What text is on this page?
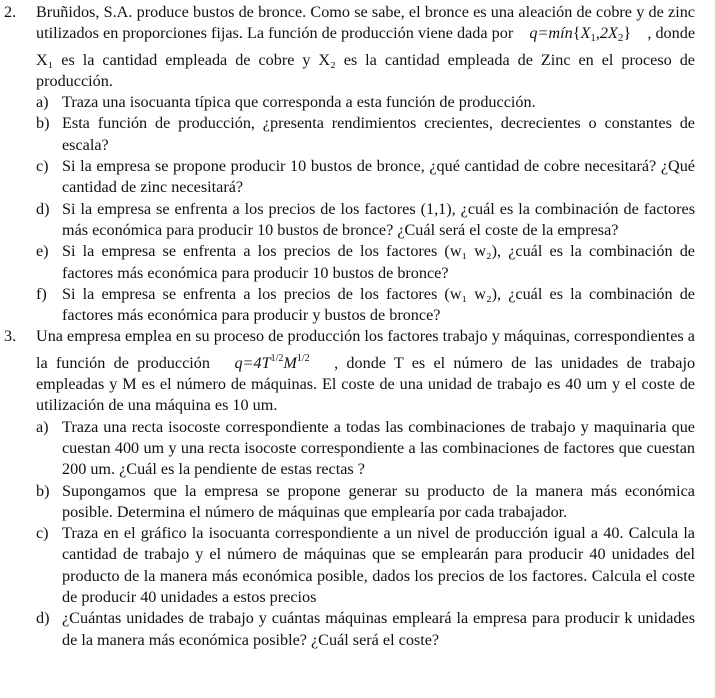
2.	Bruñidos, S.A. produce bustos de bronce. Como se sabe, el bronce es una aleación de cobre y de zinc utilizados en proporciones fijas. La función de producción viene dada por $q=mín\{X_1,2X_2\}$ , donde X₁ es la cantidad empleada de cobre y X₂ es la cantidad empleada de Zinc en el proceso de producción.

a) Traza una isocuanta típica que corresponda a esta función de producción.
b) Esta función de producción, ¿presenta rendimientos crecientes, decrecientes o constantes de escala?
c) Si la empresa se propone producir 10 bustos de bronce, ¿qué cantidad de cobre necesitará? ¿Qué cantidad de zinc necesitará?
d) Si la empresa se enfrenta a los precios de los factores (1,1), ¿cuál es la combinación de factores más económica para producir 10 bustos de bronce? ¿Cuál será el coste de la empresa?
e) Si la empresa se enfrenta a los precios de los factores (w₁ w₂), ¿cuál es la combinación de factores más económica para producir 10 bustos de bronce?
f) Si la empresa se enfrenta a los precios de los factores (w₁ w₂), ¿cuál es la combinación de factores más económica para producir y bustos de bronce?
3.	Una empresa emplea en su proceso de producción los factores trabajo y máquinas, correspondientes a la función de producción $q=4T^{1/2}M^{1/2}$ , donde T es el número de las unidades de trabajo empleadas y M es el número de máquinas. El coste de una unidad de trabajo es 40 um y el coste de utilización de una máquina es 10 um.

a) Traza una recta isocoste correspondiente a todas las combinaciones de trabajo y maquinaria que cuestan 400 um y una recta isocoste correspondiente a las combinaciones de factores que cuestan 200 um. ¿Cuál es la pendiente de estas rectas ?
b) Supongamos que la empresa se propone generar su producto de la manera más económica posible. Determina el número de máquinas que emplearía por cada trabajador.
c) Traza en el gráfico la isocuanta correspondiente a un nivel de producción igual a 40. Calcula la cantidad de trabajo y el número de máquinas que se emplearán para producir 40 unidades del producto de la manera más económica posible, dados los precios de los factores. Calcula el coste de producir 40 unidades a estos precios
d) ¿Cuántas unidades de trabajo y cuántas máquinas empleará la empresa para producir k unidades de la manera más económica posible? ¿Cuál será el coste?
